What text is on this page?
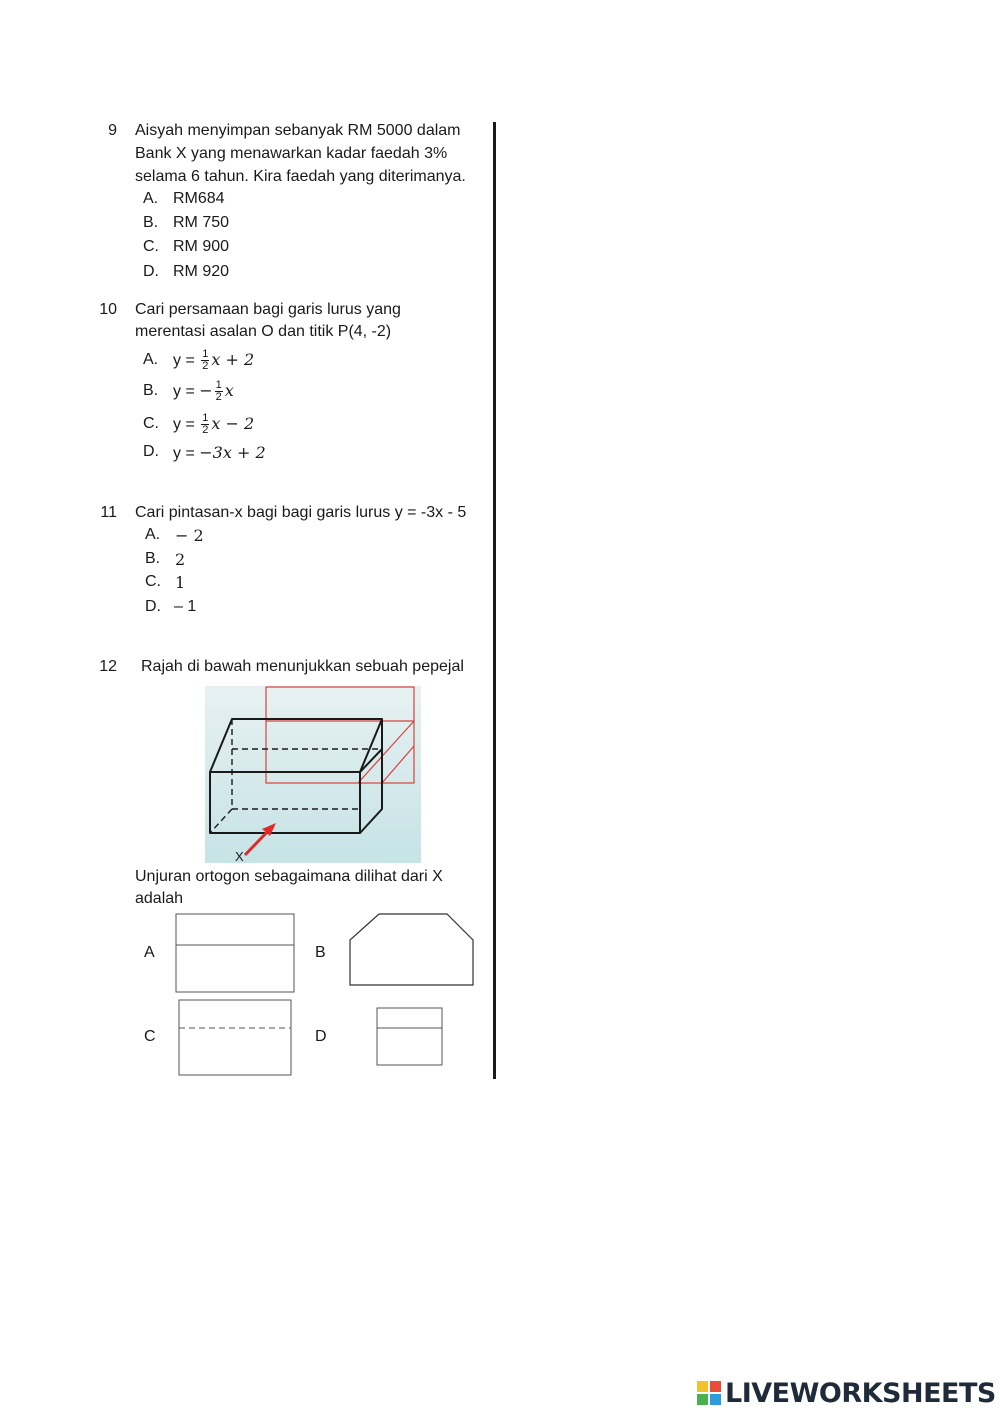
9 Aisyah menyimpan sebanyak RM 5000 dalam
Bank X yang menawarkan kadar faedah 3%
selama 6 tahun. Kira faedah yang diterimanya.
A. RM684
B. RM 750
C. RM 900
D. RM 920
10 Cari persamaan bagi garis lurus yang
merentasi asalan O dan titik P(4, -2)
A. $y = \frac{1}{2}$ x + 2
B. y = − $\frac{1}{2}$ x
C. $y = \frac{1}{2}$ x − 2
D. y = −3x + 2
11 Cari pintasan-x bagi bagi garis lurus y = -3x - 5
A. − 2
B. 2
C. 1
D. – 1
12 Rajah di bawah menunjukkan sebuah pepejal
X
Unjuran ortogon sebagaimana dilihat dari X
adalah
A	B
C	D
LIVEWORKSHEETS
